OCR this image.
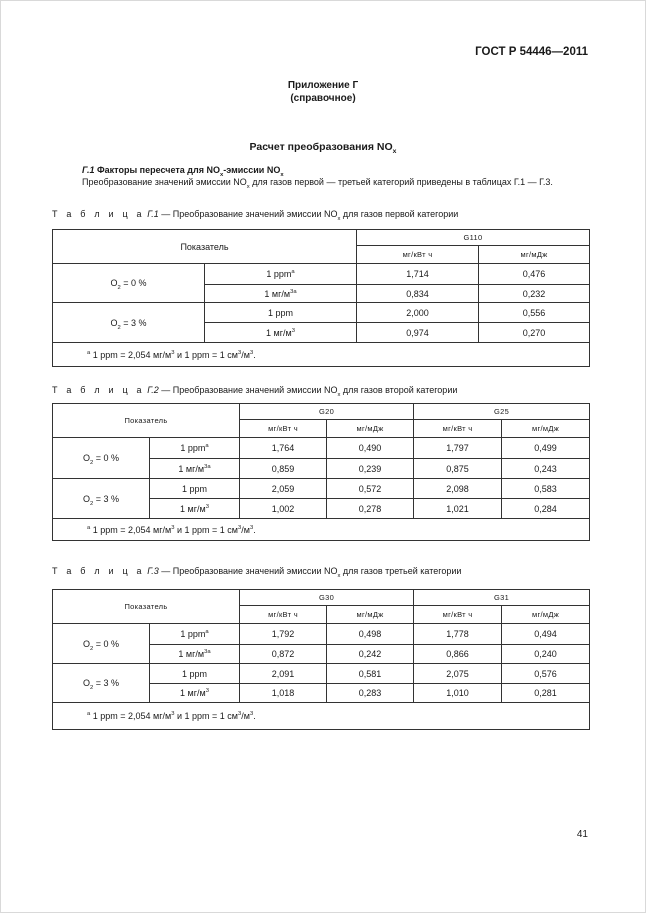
ГОСТ Р 54446—2011
Приложение Г
(справочное)
Расчет преобразования $NO_x$
Г.1 Факторы пересчета для $NO_x$-эмиссии $NO_x$
Преобразование значений эмиссии $NO_x$ для газов первой — третьей категорий приведены в таблицах Г.1 — Г.3.
Т а б л и ц а Г.1 — Преобразование значений эмиссии $NO_x$ для газов первой категории
Показатель		G110	
		мг/кВт ч	мг/мДж
$O_2 = 0$ %	1 ppm$^a$	1,714	0,476
	1 $мг/м^{3a}$	0,834	0,232
$O_2 = 3$ %	1 ppm	2,000	0,556
	1 $мг/м^3$	0,974	0,270
$^a$ 1 ppm = 2,054 $мг/м^3$ и 1 ppm = 1 $см^3/м^3$.			
Т а б л и ц а Г.2 — Преобразование значений эмиссии $NO_x$ для газов второй категории
Показатель		G20		G25	
		мг/кВт ч	мг/мДж	мг/кВт ч	мг/мДж
$O_2 = 0$ %	1 ppm$^a$	1,764	0,490	1,797	0,499
	1 $мг/м^{3a}$	0,859	0,239	0,875	0,243
$O_2 = 3$ %	1 ppm	2,059	0,572	2,098	0,583
	1 $мг/м^3$	1,002	0,278	1,021	0,284
$^a$ 1 ppm = 2,054 $мг/м^3$ и 1 ppm = 1 $см^3/м^3$.					
Т а б л и ц а Г.3 — Преобразование значений эмиссии $NO_x$ для газов третьей категории
Показатель		G30		G31	
		мг/кВт ч	мг/мДж	мг/кВт ч	мг/мДж
$O_2 = 0$ %	1 ppm$^a$	1,792	0,498	1,778	0,494
	1 $мг/м^{3a}$	0,872	0,242	0,866	0,240
$O_2 = 3$ %	1 ppm	2,091	0,581	2,075	0,576
	1 $мг/м^3$	1,018	0,283	1,010	0,281
$^a$ 1 ppm = 2,054 $мг/м^3$ и 1 ppm = 1 $см^3/м^3$.					
41
